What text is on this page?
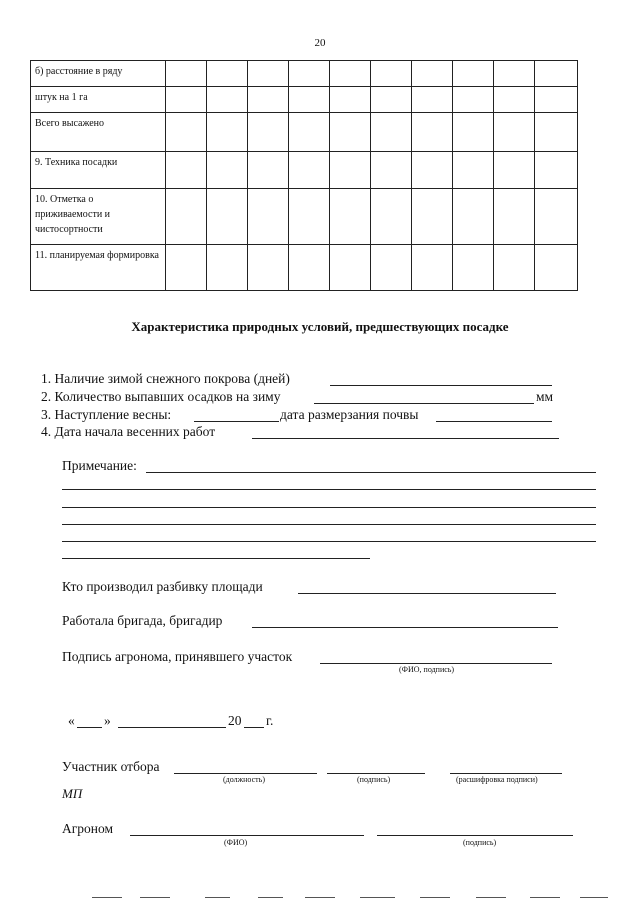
20
б) расстояние в ряду										
штук на 1 га										
Всего высажено										
9. Техника посадки										
10. Отметка о приживаемости и чистосортности										
11. планируемая формировка										
Характеристика природных условий, предшествующих посадке
1. Наличие зимой снежного покрова (дней)
2. Количество выпавших осадков на зиму	мм
3. Наступление весны:	дата размерзания почвы
4. Дата начала весенних работ
Примечание:
Кто производил разбивку площади
Работала бригада, бригадир
Подпись агронома, принявшего участок
(ФИО, подпись)
« »	20 г.
Участник отбора
(должность)	(подпись)	(расшифровка подписи)
МП
Агроном
(ФИО)	(подпись)
